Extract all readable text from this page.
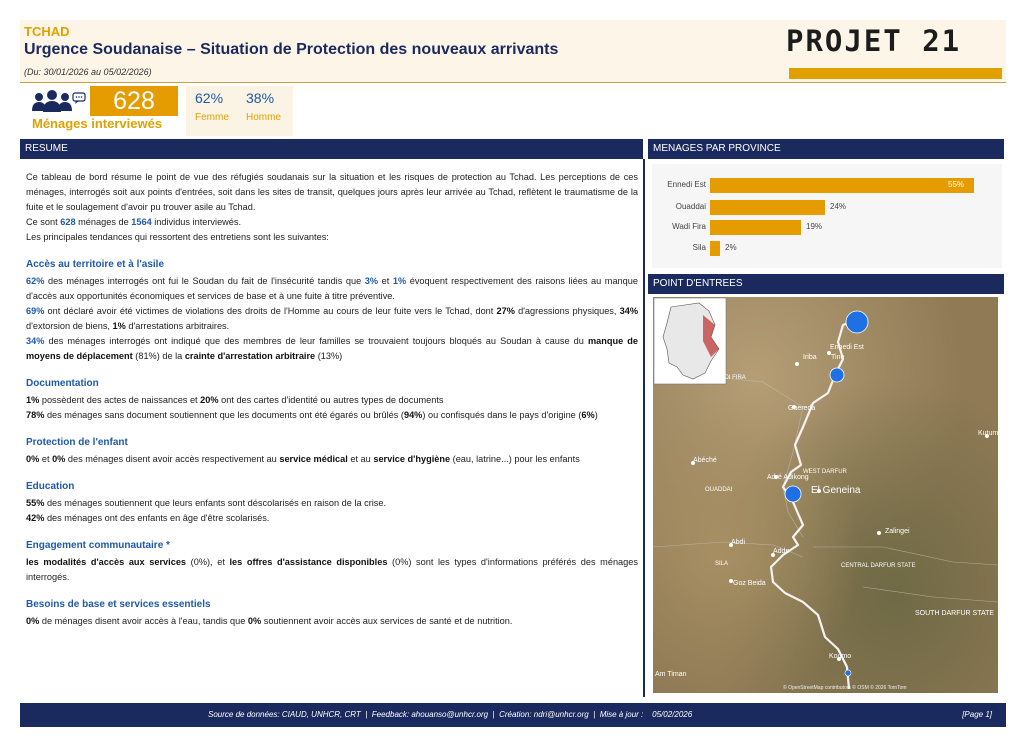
TCHAD
Urgence Soudanaise – Situation de Protection des nouveaux arrivants
(Du: 30/01/2026 au 05/02/2026)
PROJET 21
628
Ménages interviewés
62%
Femme
38%
Homme
RESUME	MENAGES PAR PROVINCE
POINT D'ENTREES

Ce tableau de bord résume le point de vue des réfugiés soudanais sur la situation et les risques de protection au Tchad. Les perceptions de ces ménages, interrogés soit aux points d'entrées, soit dans les sites de transit, quelques jours après leur arrivée au Tchad, reflètent le traumatisme de la fuite et le soulagement d'avoir pu trouver asile au Tchad.
Ce sont 628 ménages de 1564 individus interviewés.
Les principales tendances qui ressortent des entretiens sont les suivantes:

Accès au territoire et à l'asile

62% des ménages interrogés ont fui le Soudan du fait de l'insécurité tandis que 3% et 1% évoquent respectivement des raisons liées au manque d'accès aux opportunités économiques et services de base et à une fuite à titre préventive.
69% ont déclaré avoir été victimes de violations des droits de l'Homme au cours de leur fuite vers le Tchad, dont 27% d'agressions physiques, 34% d'extorsion de biens, 1% d'arrestations arbitraires.
34% des ménages interrogés ont indiqué que des membres de leur familles se trouvaient toujours bloqués au Soudan à cause du manque de moyens de déplacement (81%) de la crainte d'arrestation arbitraire (13%)

Documentation

1% possèdent des actes de naissances et 20% ont des cartes d'identité ou autres types de documents
78% des ménages sans document soutiennent que les documents ont été égarés ou brûlés (94%) ou confisqués dans le pays d'origine (6%)

Protection de l'enfant

0% et 0% des ménages disent avoir accès respectivement au service médical et au service d'hygiène (eau, latrine...) pour les enfants

Education

55% des ménages soutiennent que leurs enfants sont déscolarisés en raison de la crise.
42% des ménages ont des enfants en âge d'être scolarisés.

Engagement communautaire *

les modalités d'accès aux services (0%), et les offres d'assistance disponibles (0%) sont les types d'informations préférés des ménages interrogés.

Besoins de base et services essentiels

0% de ménages disent avoir accès à l'eau, tandis que 0% soutiennent avoir accès aux services de santé et de nutrition.

Ennedi Est	55%
Ouaddai	24%
Wadi Fira	19%
Sila 2%
Ennedi Est
WADI FIRA
Iriba Tine
Guereda
Kutum
Abéché
OUADDAI
Adré Adikong
WEST DARFUR
El Geneina
Zalingei
Abdi
Adde
SILA
Goz Beida
CENTRAL DARFUR STATE
SOUTH DARFUR STATE
Koumo
Am Timan
© OpenStreetMap contributors © OSM © 2026 TomTom
Source de données: CIAUD, UNHCR, CRT  |  Feedback: ahouanso@unhcr.org  |  Création: ndri@unhcr.org  |  Mise à jour :    05/02/2026	[Page 1]
